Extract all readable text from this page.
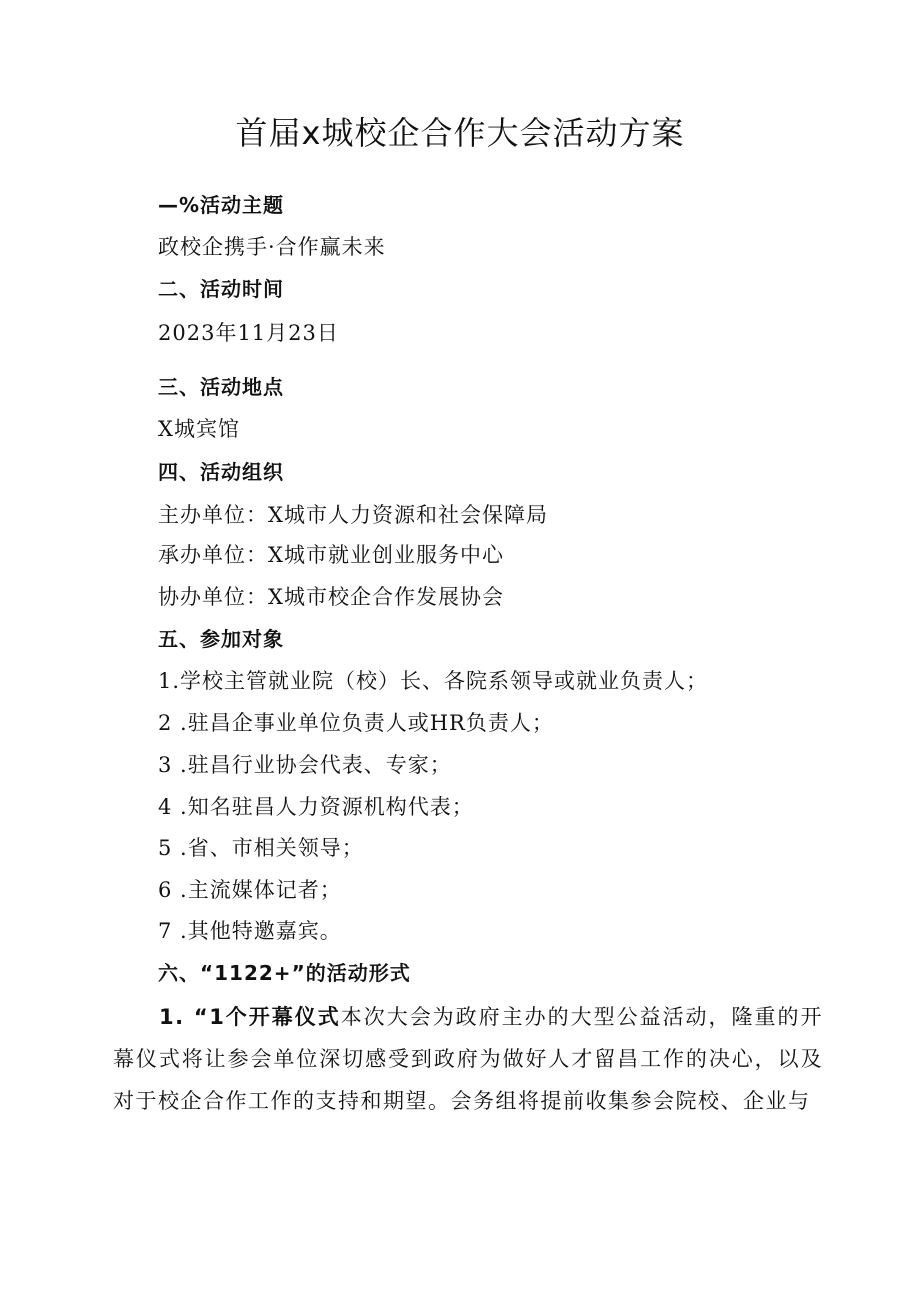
首届x城校企合作大会活动方案
—%活动主题
政校企携手·合作赢未来
二、活动时间
2023年11月23日
三、活动地点
X城宾馆
四、活动组织
主办单位：X城市人力资源和社会保障局
承办单位：X城市就业创业服务中心
协办单位：X城市校企合作发展协会
五、参加对象
1.学校主管就业院（校）长、各院系领导或就业负责人；
2 .驻昌企事业单位负责人或HR负责人；
3 .驻昌行业协会代表、专家；
4 .知名驻昌人力资源机构代表；
5 .省、市相关领导；
6 .主流媒体记者；
7 .其他特邀嘉宾。
六、“1122+”的活动形式
1. “1个开幕仪式本次大会为政府主办的大型公益活动，隆重的开幕仪式将让参会单位深切感受到政府为做好人才留昌工作的决心，以及对于校企合作工作的支持和期望。会务组将提前收集参会院校、企业与
